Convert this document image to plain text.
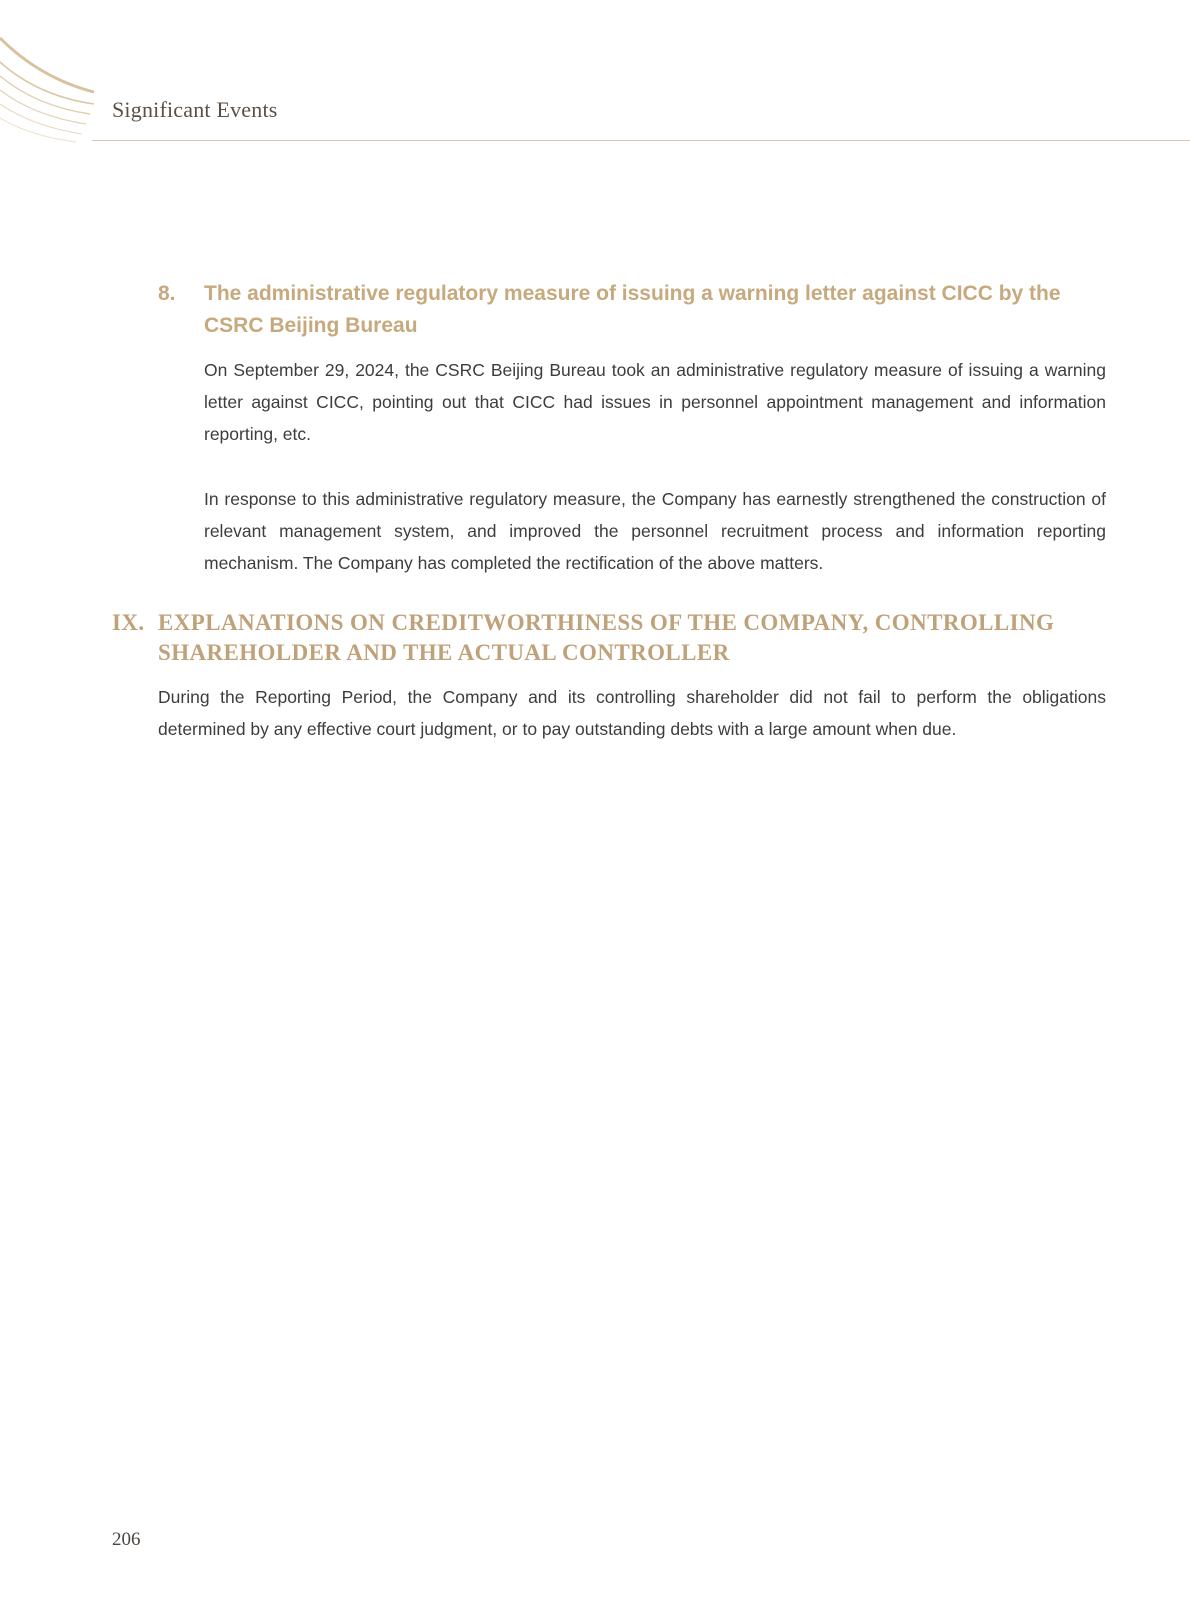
Significant Events
8. The administrative regulatory measure of issuing a warning letter against CICC by the CSRC Beijing Bureau

On September 29, 2024, the CSRC Beijing Bureau took an administrative regulatory measure of issuing a warning letter against CICC, pointing out that CICC had issues in personnel appointment management and information reporting, etc.

In response to this administrative regulatory measure, the Company has earnestly strengthened the construction of relevant management system, and improved the personnel recruitment process and information reporting mechanism. The Company has completed the rectification of the above matters.

IX. EXPLANATIONS ON CREDITWORTHINESS OF THE COMPANY, CONTROLLING SHAREHOLDER AND THE ACTUAL CONTROLLER

During the Reporting Period, the Company and its controlling shareholder did not fail to perform the obligations determined by any effective court judgment, or to pay outstanding debts with a large amount when due.

206
